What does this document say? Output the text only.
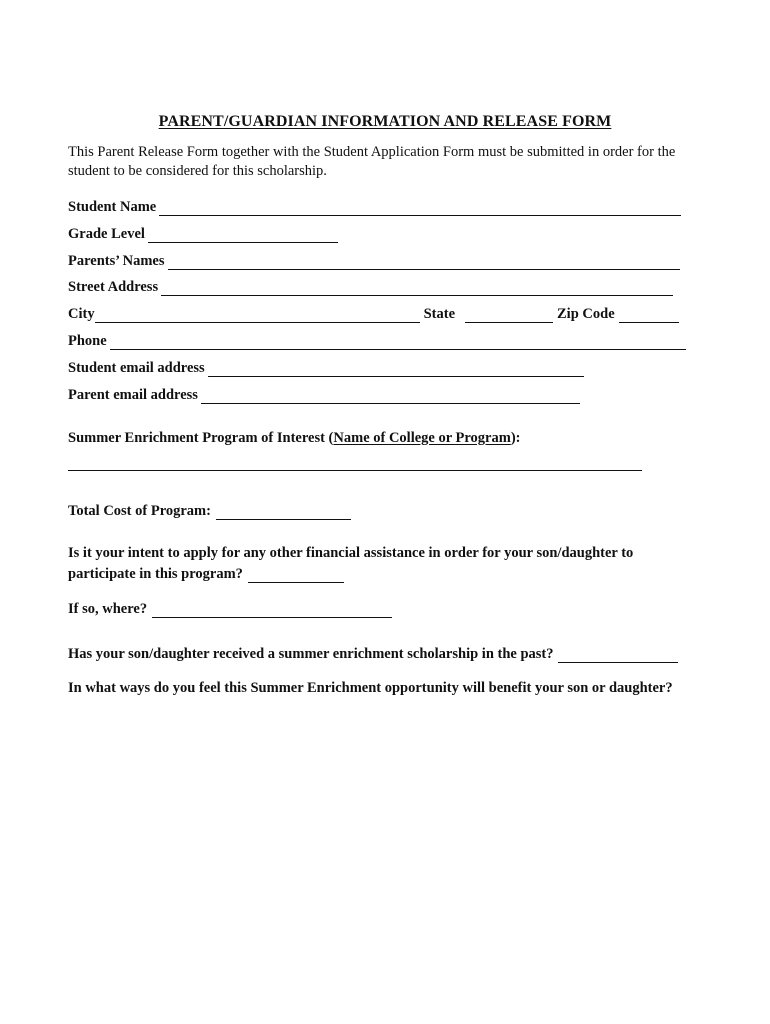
PARENT/GUARDIAN INFORMATION AND RELEASE FORM
This Parent Release Form together with the Student Application Form must be submitted in order for the
student to be considered for this scholarship.
Student Name
Grade Level
Parents’ Names
Street Address
City	State	Zip Code
Phone
Student email address
Parent email address
Summer Enrichment Program of Interest (Name of College or Program):
Total Cost of Program:
Is it your intent to apply for any other financial assistance in order for your son/daughter to
participate in this program?
If so, where?
Has your son/daughter received a summer enrichment scholarship in the past?
In what ways do you feel this Summer Enrichment opportunity will benefit your son or daughter?
